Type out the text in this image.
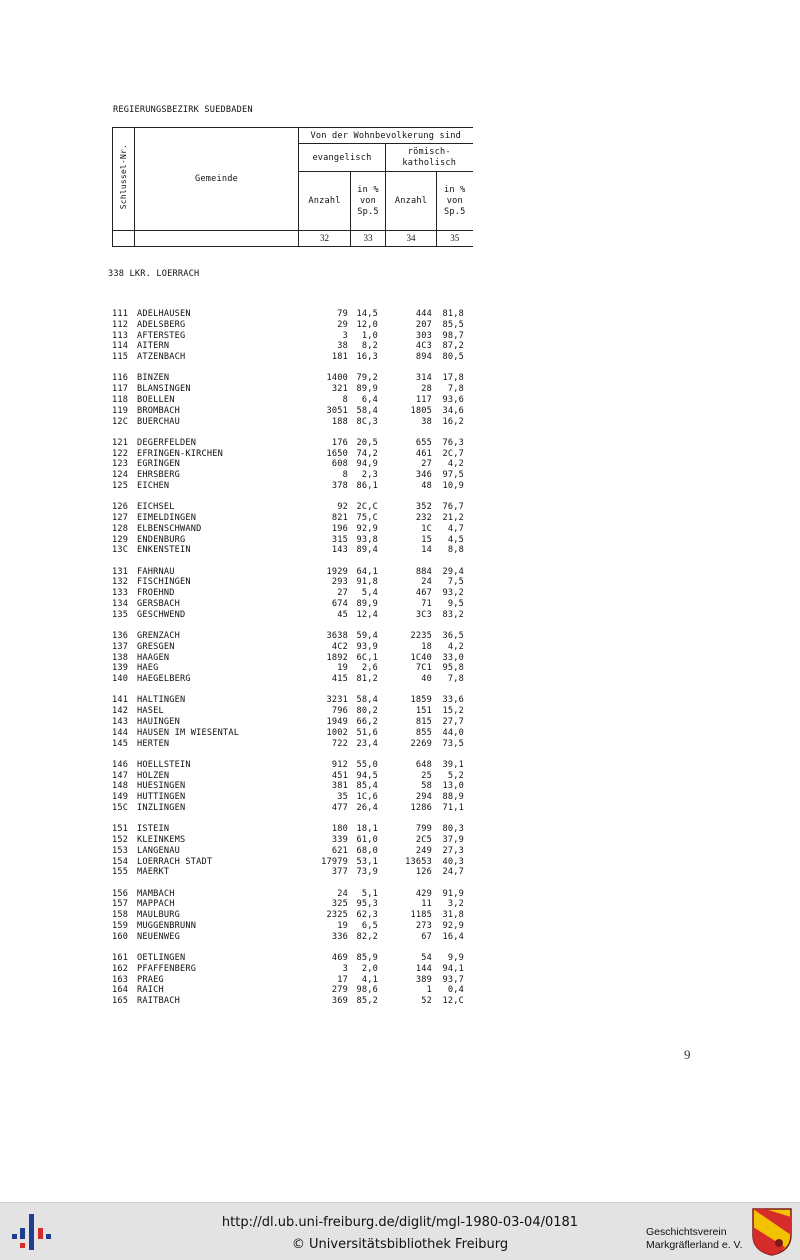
REGIERUNGSBEZIRK SUEDBADEN
Schlussel-Nr.	Gemeinde	Von der Wohnbevolkerung sind			
		evangelisch		römisch-katholisch	
		Anzahl	in % von Sp.5	Anzahl	in % von Sp.5
		32	33	34	35
338 LKR. LOERRACH
111 ADELHAUSEN	79 14,5	444	81,8
112 ADELSBERG	29 12,0	207	85,5
113 AFTERSTEG	3	1,0	303	98,7
114 AITERN	38	8,2	4C3	87,2
115 ATZENBACH	181 16,3	894	80,5
116 BINZEN	1400 79,2	314	17,8
117 BLANSINGEN	321 89,9	28	7,8
118 BOELLEN	8	6,4	117	93,6
119 BROMBACH	3051 58,4	1805	34,6
12C BUERCHAU	188 8C,3	38	16,2
121 DEGERFELDEN	176 20,5	655	76,3
122 EFRINGEN-KIRCHEN	1650 74,2	461	2C,7
123 EGRINGEN	608 94,9	27	4,2
124 EHRSBERG	8	2,3	346	97,5
125 EICHEN	378 86,1	48	10,9
126 EICHSEL	92 2C,C	352	76,7
127 EIMELDINGEN	821 75,C	232	21,2
128 ELBENSCHWAND	196 92,9	1C	4,7
129 ENDENBURG	315 93,8	15	4,5
13C ENKENSTEIN	143 89,4	14	8,8
131 FAHRNAU	1929 64,1	884	29,4
132 FISCHINGEN	293 91,8	24	7,5
133 FROEHND	27	5,4	467	93,2
134 GERSBACH	674 89,9	71	9,5
135 GESCHWEND	45 12,4	3C3	83,2
136 GRENZACH	3638 59,4	2235	36,5
137 GRESGEN	4C2 93,9	18	4,2
138 HAAGEN	1892 6C,1	1C40	33,0
139 HAEG	19	2,6	7C1	95,8
140 HAEGELBERG	415 81,2	40	7,8
141 HALTINGEN	3231 58,4	1859	33,6
142 HASEL	796 80,2	151	15,2
143 HAUINGEN	1949 66,2	815	27,7
144 HAUSEN IM WIESENTAL	1002 51,6	855	44,0
145 HERTEN	722 23,4	2269	73,5
146 HOELLSTEIN	912 55,0	648	39,1
147 HOLZEN	451 94,5	25	5,2
148 HUESINGEN	381 85,4	58	13,0
149 HUTTINGEN	35 1C,6	294	88,9
15C INZLINGEN	477 26,4	1286	71,1
151 ISTEIN	180 18,1	799	80,3
152 KLEINKEMS	339 61,0	2C5	37,9
153 LANGENAU	621 68,0	249	27,3
154 LOERRACH STADT	17979 53,1	13653	40,3
155 MAERKT	377 73,9	126	24,7
156 MAMBACH	24	5,1	429	91,9
157 MAPPACH	325 95,3	11	3,2
158 MAULBURG	2325 62,3	1185	31,8
159 MUGGENBRUNN	19	6,5	273	92,9
160 NEUENWEG	336 82,2	67	16,4
161 OETLINGEN	469 85,9	54	9,9
162 PFAFFENBERG	3	2,0	144	94,1
163 PRAEG	17	4,1	389	93,7
164 RAICH	279 98,6	1	0,4
165 RAITBACH	369 85,2	52	12,C
9
http://dl.ub.uni-freiburg.de/diglit/mgl-1980-03-04/0181
© Universitätsbibliothek Freiburg
Geschichtsverein
Markgräflerland e. V.
